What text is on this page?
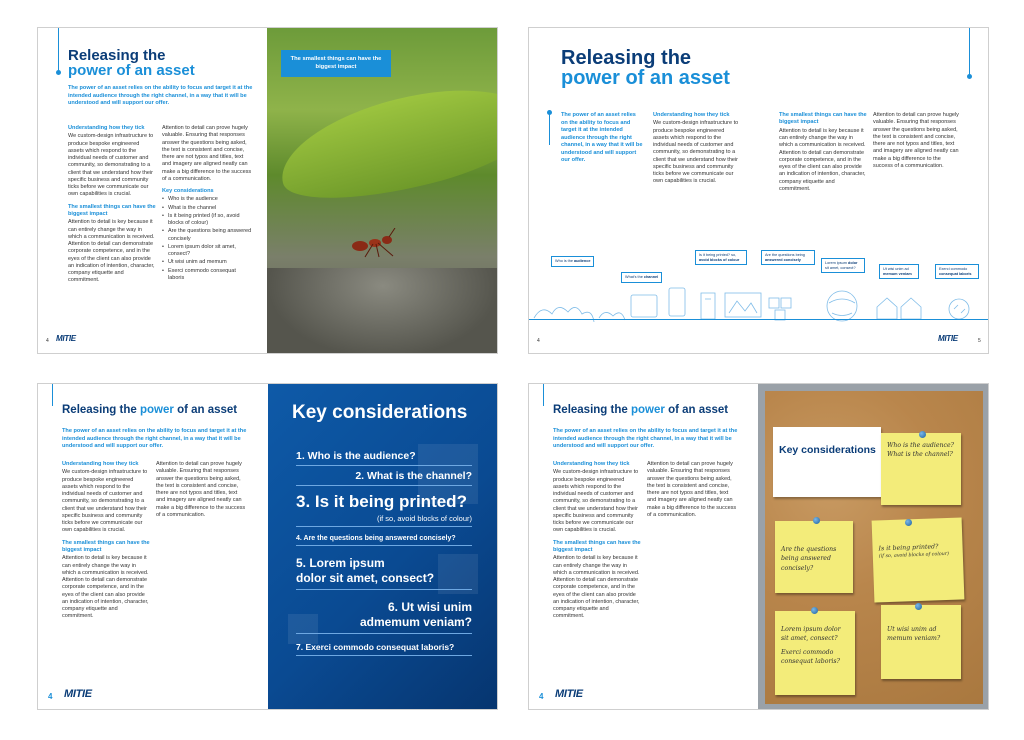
Releasing the
power of an asset
The power of an asset relies on the ability to focus and target it at the intended audience through the right channel, in a way that it will be understood and will support our offer.
Understanding how they tick

We custom-design infrastructure to produce bespoke engineered assets which respond to the individual needs of customer and community, so demonstrating to a client that we understand how their specific business and community ticks before we communicate our own capabilities is crucial.

The smallest things can have the biggest impact

Attention to detail is key because it can entirely change the way in which a communication is received. Attention to detail can demonstrate corporate competence, and in the eyes of the client can also provide an indication of intention, character, company etiquette and commitment.

Attention to detail can prove hugely valuable. Ensuring that responses answer the questions being asked, the text is consistent and concise, there are not typos and titles, text and imagery are aligned neatly can make a big difference to the success of a communication.

Key considerations
• Who is the audience
• What is the channel
• Is it being printed (if so, avoid blocks of colour)
• Are the questions being answered concisely
• Lorem ipsum dolor sit amet, consect?
• Ut wisi unim ad memum
• Exerci commodo consequat laboris
4 MITIE
The smallest things can have the biggest impact	Releasing the
power of an asset
The power of an asset relies on the ability to focus and target it at the intended audience through the right channel, in a way that it will be understood and will support our offer.
Understanding how they tick

We custom-design infrastructure to produce bespoke engineered assets which respond to the individual needs of customer and community, so demonstrating to a client that we understand how their specific business and community ticks before we communicate our own capabilities is crucial.

The smallest things can have the biggest impact

Attention to detail is key because it can entirely change the way in which a communication is received. Attention to detail can demonstrate corporate competence, and in the eyes of the client can also provide an indication of intention, character, company etiquette and commitment.

Attention to detail can prove hugely valuable. Ensuring that responses answer the questions being asked, the text is consistent and concise, there are not typos and titles, text and imagery are aligned neatly can make a big difference to the success of a communication.

Who is the audience
What's the channel
Is it being printed? so, avoid blocks of colour
Are the questions being answered concisely
Lorem ipsum dolor sit amet, consect?	Ut wisi unim ad memum veniam
Exerci commodo consequat laboris
4	MITIE	5
Releasing the power of an asset
The power of an asset relies on the ability to focus and target it at the intended audience through the right channel, in a way that it will be understood and will support our offer.
Understanding how they tick

We custom-design infrastructure to produce bespoke engineered assets which respond to the individual needs of customer and community, so demonstrating to a client that we understand how their specific business and community ticks before we communicate our own capabilities is crucial.

The smallest things can have the biggest impact

Attention to detail is key because it can entirely change the way in which a communication is received. Attention to detail can demonstrate corporate competence, and in the eyes of the client can also provide an indication of intention, character, company etiquette and commitment.

Attention to detail can prove hugely valuable. Ensuring that responses answer the questions being asked, the text is consistent and concise, there are not typos and titles, text and imagery are aligned neatly can make a big difference to the success of a communication.

4 MITIE
Key considerations
1. Who is the audience?
2. What is the channel?
3. Is it being printed?
(if so, avoid blocks of colour)
4. Are the questions being answered concisely?
5. Lorem ipsum
dolor sit amet, consect?
6. Ut wisi unim
admemum veniam?
7. Exerci commodo consequat laboris?
Releasing the power of an asset
The power of an asset relies on the ability to focus and target it at the intended audience through the right channel, in a way that it will be understood and will support our offer.
Understanding how they tick

We custom-design infrastructure to produce bespoke engineered assets which respond to the individual needs of customer and community, so demonstrating to a client that we understand how their specific business and community ticks before we communicate our own capabilities is crucial.

The smallest things can have the biggest impact

Attention to detail is key because it can entirely change the way in which a communication is received. Attention to detail can demonstrate corporate competence, and in the eyes of the client can also provide an indication of intention, character, company etiquette and commitment.

Attention to detail can prove hugely valuable. Ensuring that responses answer the questions being asked, the text is consistent and concise, there are not typos and titles, text and imagery are aligned neatly can make a big difference to the success of a communication.

4 MITIE
Key considerations Who is the audience?
What is the channel?
Are the questions
being answered concisely?
Is it being printed?
(if so, avoid blocks of colour)
Lorem ipsum dolor
sit amet, consect?
Exerci commodo
consequat laboris?
Ut wisi unim ad
memum veniam?
